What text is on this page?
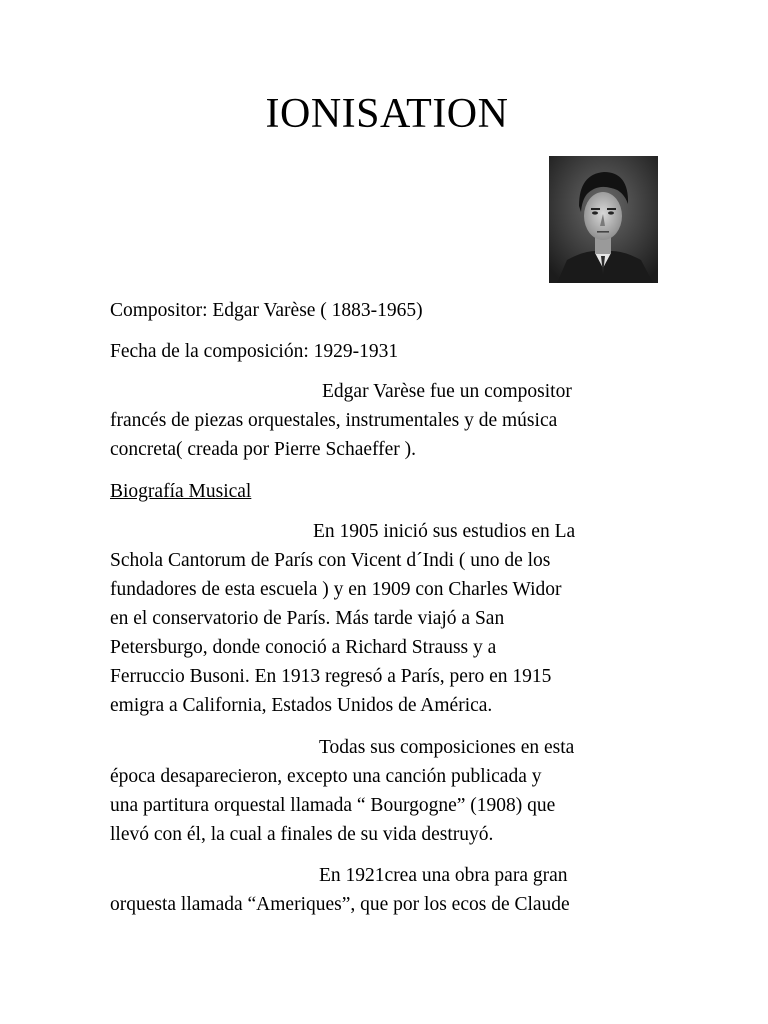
IONISATION
Compositor: Edgar Varèse ( 1883-1965)
Fecha de la composición: 1929-1931
Edgar Varèse fue un compositor
francés de piezas orquestales, instrumentales y de música
concreta( creada por Pierre Schaeffer ).
Biografía Musical
En 1905 inició sus estudios en La
Schola Cantorum de París con Vicent d´Indi ( uno de los
fundadores de esta escuela ) y en 1909 con Charles Widor
en el conservatorio de París. Más tarde viajó a San
Petersburgo, donde conoció a Richard Strauss y a
Ferruccio Busoni. En 1913 regresó a París, pero en 1915
emigra a California, Estados Unidos de América.
Todas sus composiciones en esta
época desaparecieron, excepto una canción publicada y
una partitura orquestal llamada “ Bourgogne” (1908) que
llevó con él, la cual a finales de su vida destruyó.
En 1921crea una obra para gran
orquesta llamada “Ameriques”, que por los ecos de Claude
